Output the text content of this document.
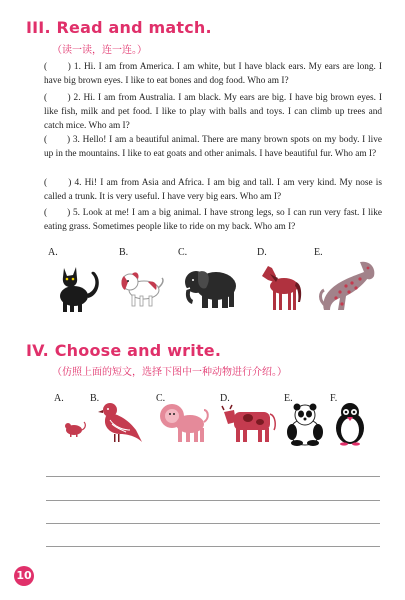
III. Read and match.
（读一读，连一连。）
(　　) 1. Hi. I am from America. I am white, but I have black ears. My ears are long. I have big brown eyes. I like to eat bones and dog food. Who am I?
(　　) 2. Hi. I am from Australia. I am black. My ears are big. I have big brown eyes. I like fish, milk and pet food. I like to play with balls and toys. I can climb up trees and catch mice. Who am I?
(　　) 3. Hello! I am a beautiful animal. There are many brown spots on my body. I live up in the mountains. I like to eat goats and other animals. I have beautiful fur. Who am I?
(　　) 4. Hi! I am from Asia and Africa. I am big and tall. I am very kind. My nose is called a trunk. It is very useful. I have very big ears. Who am I?
(　　) 5. Look at me! I am a big animal. I have strong legs, so I can run very fast. I like eating grass. Sometimes people like to ride on my back. Who am I?
A.	B.	C.	D.	E.
IV. Choose and write.
（仿照上面的短文，选择下图中一种动物进行介绍。）
A.	B.	C.	D.	E.	F.
10
